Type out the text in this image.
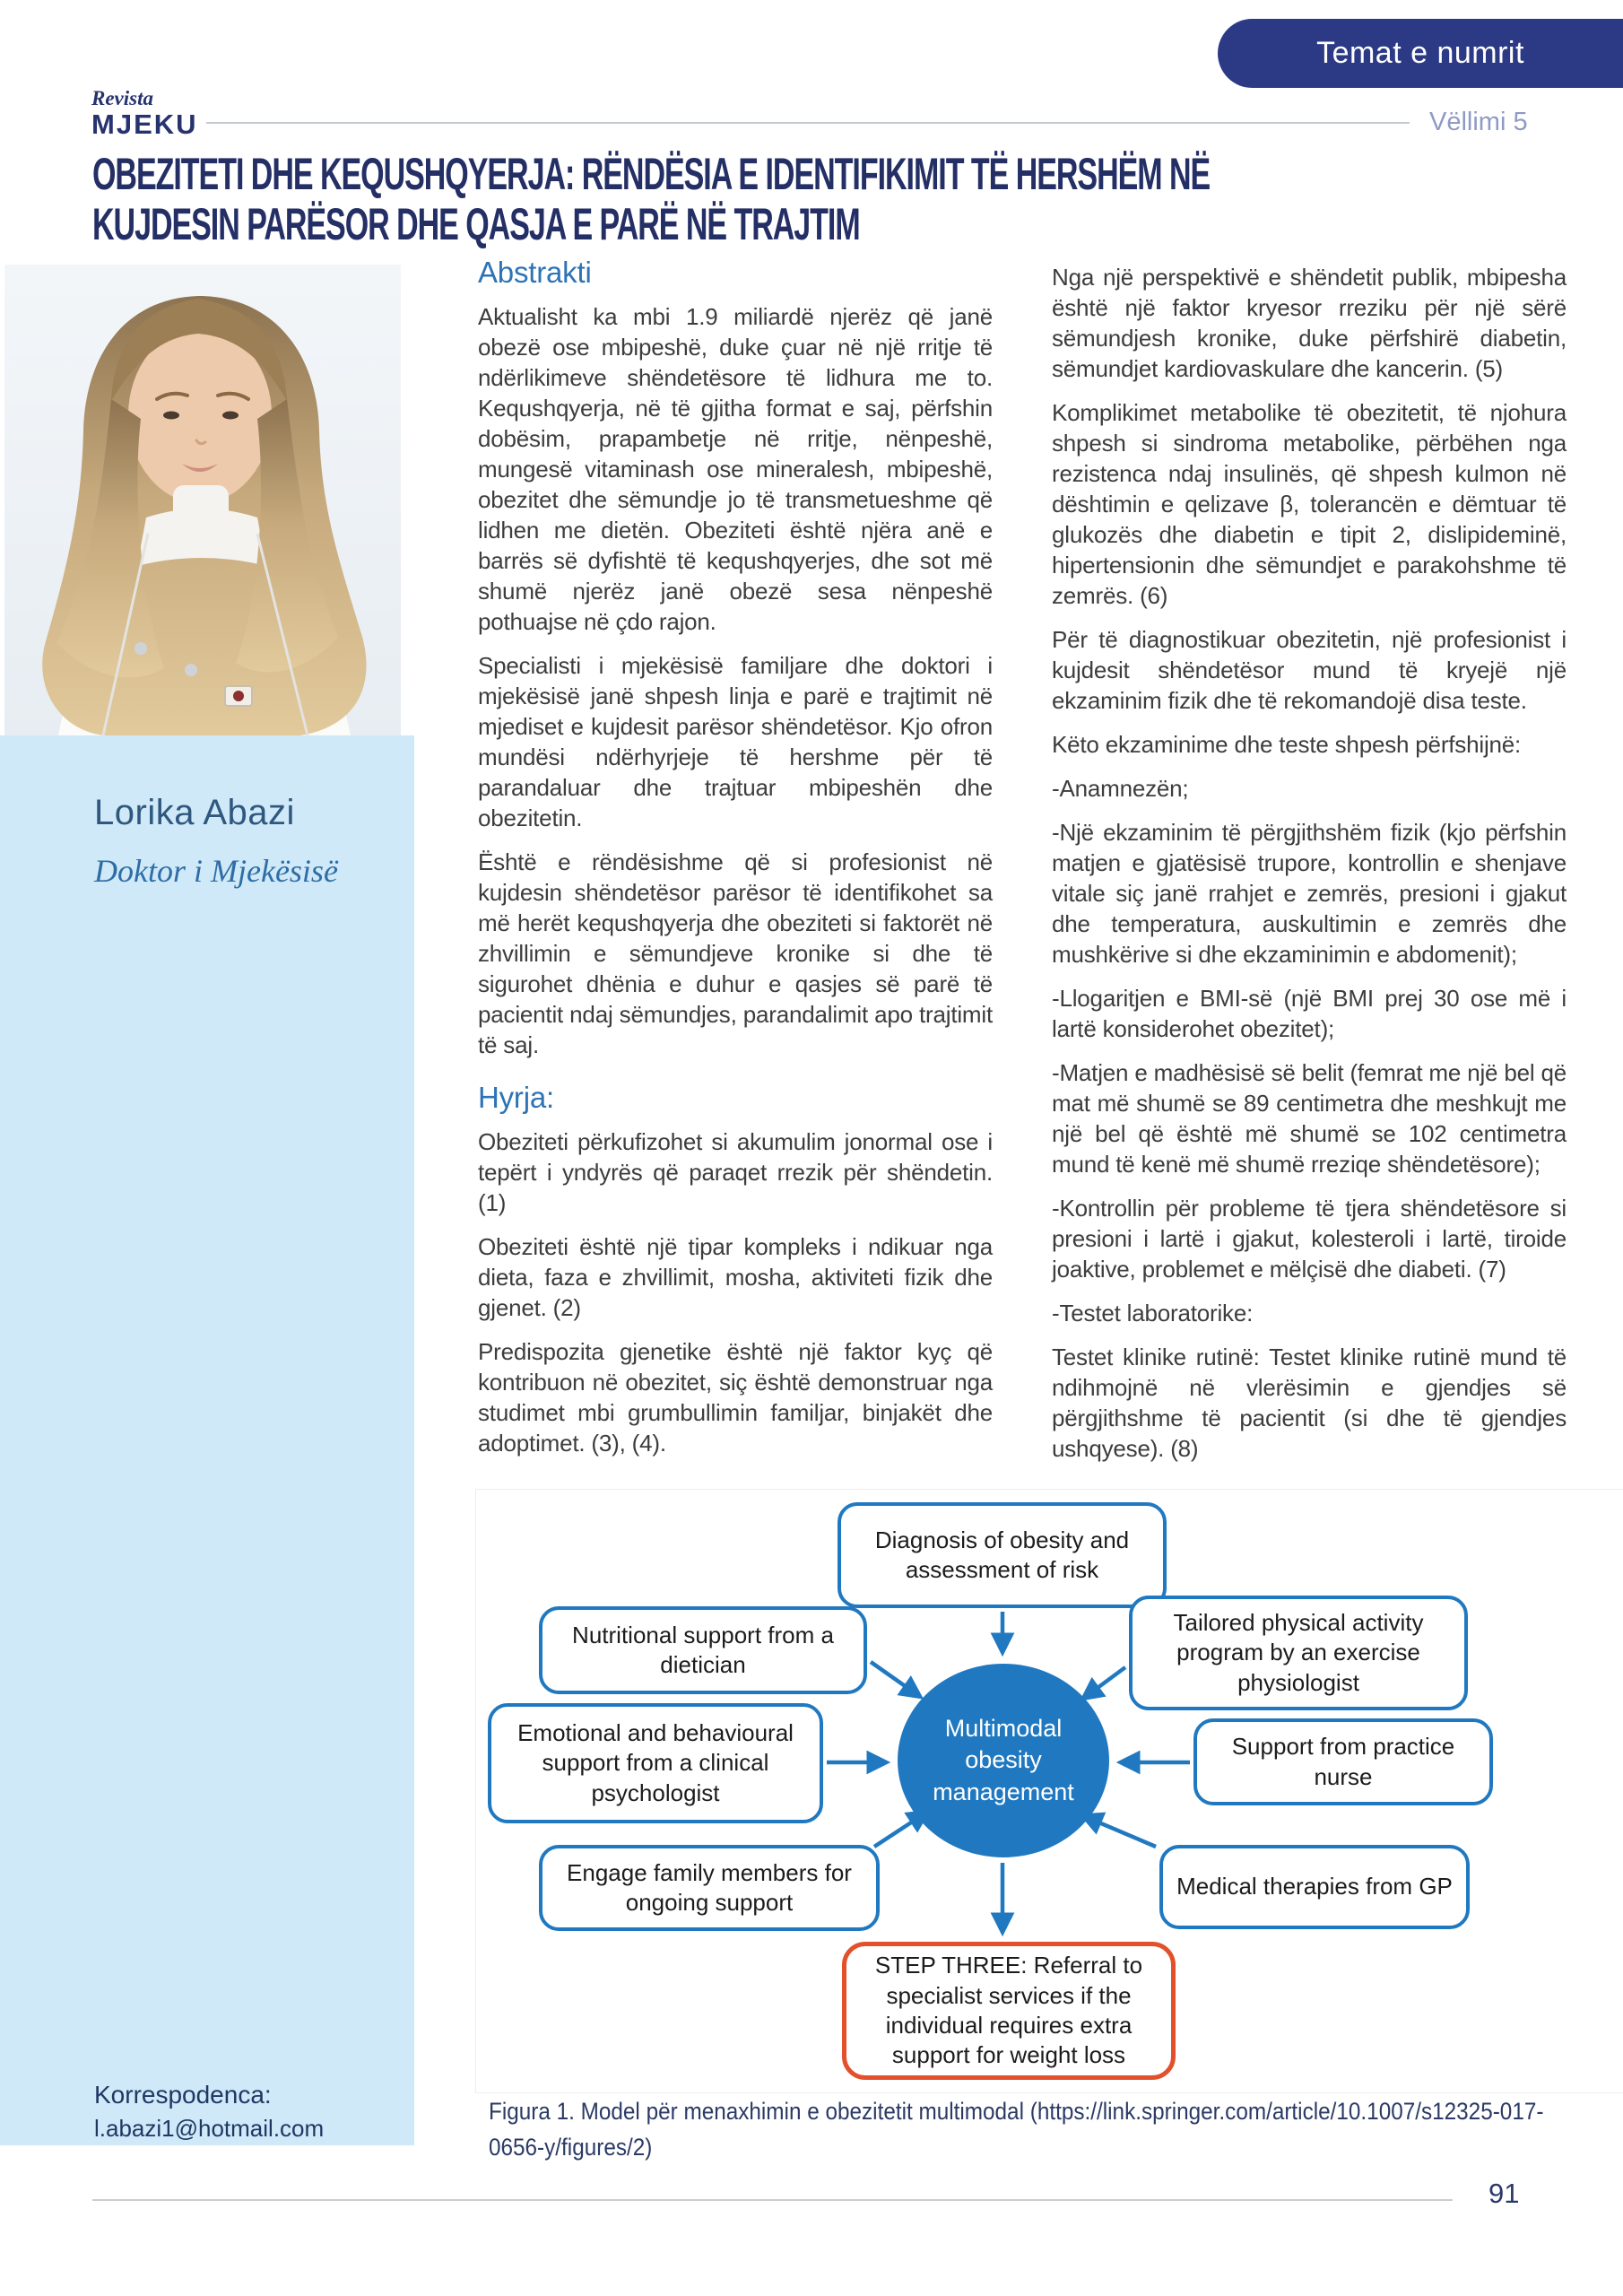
Temat e numrit
Revista
MJEKU	Vëllimi 5
OBEZITETI DHE KEQUSHQYERJA: RËNDËSIA E IDENTIFIKIMIT TË HERSHËM NË
KUJDESIN PARËSOR DHE QASJA E PARË NË TRAJTIM
Lorika Abazi
Doktor i Mjekësisë
Korrespodenca:
l.abazi1@hotmail.com
Abstrakti

Aktualisht ka mbi 1.9 miliardë njerëz që janë obezë ose mbipeshë, duke çuar në një rritje të ndërlikimeve shëndetësore të lidhura me to. Kequshqyerja, në të gjitha format e saj, përfshin dobësim, prapambetje në rritje, nënpeshë, mungesë vitaminash ose mineralesh, mbipeshë, obezitet dhe sëmundje jo të transmetueshme që lidhen me dietën. Obeziteti është njëra anë e barrës së dyfishtë të kequshqyerjes, dhe sot më shumë njerëz janë obezë sesa nënpeshë pothuajse në çdo rajon.

Specialisti i mjekësisë familjare dhe doktori i mjekësisë janë shpesh linja e parë e trajtimit në mjediset e kujdesit parësor shëndetësor. Kjo ofron mundësi ndërhyrjeje të hershme për të parandaluar dhe trajtuar mbipeshën dhe obezitetin.

Është e rëndësishme që si profesionist në kujdesin shëndetësor parësor të identifikohet sa më herët kequshqyerja dhe obeziteti si faktorët në zhvillimin e sëmundjeve kronike si dhe të sigurohet dhënia e duhur e qasjes së parë të pacientit ndaj sëmundjes, parandalimit apo trajtimit të saj.

Hyrja:

Obeziteti përkufizohet si akumulim jonormal ose i tepërt i yndyrës që paraqet rrezik për shëndetin. (1)

Obeziteti është një tipar kompleks i ndikuar nga dieta, faza e zhvillimit, mosha, aktiviteti fizik dhe gjenet. (2)

Predispozita gjenetike është një faktor kyç që kontribuon në obezitet, siç është demonstruar nga studimet mbi grumbullimin familjar, binjakët dhe adoptimet. (3), (4).

Nga një perspektivë e shëndetit publik, mbipesha është një faktor kryesor rreziku për një sërë sëmundjesh kronike, duke përfshirë diabetin, sëmundjet kardiovaskulare dhe kancerin. (5)

Komplikimet metabolike të obezitetit, të njohura shpesh si sindroma metabolike, përbëhen nga rezistenca ndaj insulinës, që shpesh kulmon në dështimin e qelizave β, tolerancën e dëmtuar të glukozës dhe diabetin e tipit 2, dislipideminë, hipertensionin dhe sëmundjet e parakohshme të zemrës. (6)

Për të diagnostikuar obezitetin, një profesionist i kujdesit shëndetësor mund të kryejë një ekzaminim fizik dhe të rekomandojë disa teste.

Këto ekzaminime dhe teste shpesh përfshijnë:

-Anamnezën;

-Një ekzaminim të përgjithshëm fizik (kjo përfshin matjen e gjatësisë trupore, kontrollin e shenjave vitale siç janë rrahjet e zemrës, presioni i gjakut dhe temperatura, auskultimin e zemrës dhe mushkërive si dhe ekzaminimin e abdomenit);

-Llogaritjen e BMI-së (një BMI prej 30 ose më i lartë konsiderohet obezitet);

-Matjen e madhësisë së belit (femrat me një bel që mat më shumë se 89 centimetra dhe meshkujt me një bel që është më shumë se 102 centimetra mund të kenë më shumë rreziqe shëndetësore);

-Kontrollin për probleme të tjera shëndetësore si presioni i lartë i gjakut, kolesteroli i lartë, tiroide joaktive, problemet e mëlçisë dhe diabeti. (7)

-Testet laboratorike:

Testet klinike rutinë: Testet klinike rutinë mund të ndihmojnë në vlerësimin e gjendjes së përgjithshme të pacientit (si dhe të gjendjes ushqyese). (8)

Diagnosis of obesity and assessment of risk
Nutritional support from a dietician
Tailored physical activity program by an exercise physiologist
Emotional and behavioural support from a clinical psychologist
Support from practice nurse
Engage family members for ongoing support
Medical therapies from GP
Multimodal obesity management
STEP THREE: Referral to specialist services if the individual requires extra support for weight loss
Figura 1. Model për menaxhimin e obezitetit multimodal (https://link.springer.com/article/10.1007/s12325-017-0656-y/figures/2)
91
